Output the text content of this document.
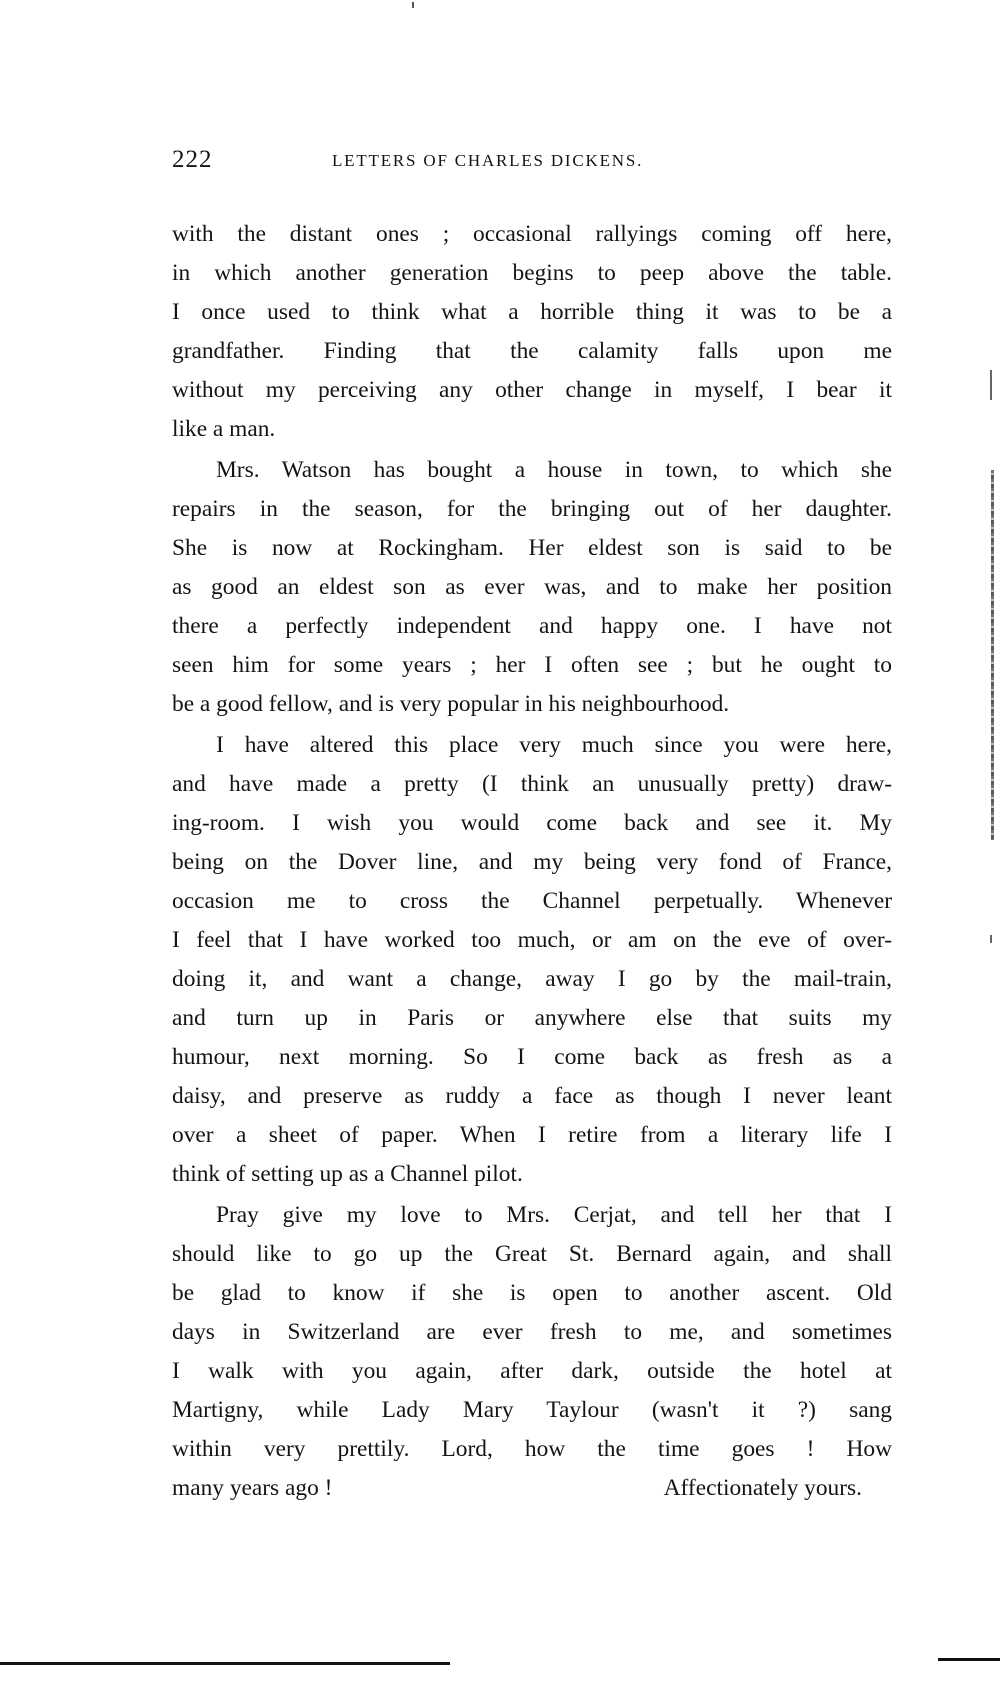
222	LETTERS OF CHARLES DICKENS.
with the distant ones ; occasional rallyings coming off here,
in which another generation begins to peep above the table.
I once used to think what a horrible thing it was to be a
grandfather. Finding that the calamity falls upon me
without my perceiving any other change in myself, I bear it
like a man.
Mrs. Watson has bought a house in town, to which she
repairs in the season, for the bringing out of her daughter.
She is now at Rockingham. Her eldest son is said to be
as good an eldest son as ever was, and to make her position
there a perfectly independent and happy one. I have not
seen him for some years ; her I often see ; but he ought to
be a good fellow, and is very popular in his neighbourhood.
I have altered this place very much since you were here,
and have made a pretty (I think an unusually pretty) draw-
ing-room. I wish you would come back and see it. My
being on the Dover line, and my being very fond of France,
occasion me to cross the Channel perpetually. Whenever
I feel that I have worked too much, or am on the eve of over-
doing it, and want a change, away I go by the mail-train,
and turn up in Paris or anywhere else that suits my
humour, next morning. So I come back as fresh as a
daisy, and preserve as ruddy a face as though I never leant
over a sheet of paper. When I retire from a literary life I
think of setting up as a Channel pilot.
Pray give my love to Mrs. Cerjat, and tell her that I
should like to go up the Great St. Bernard again, and shall
be glad to know if she is open to another ascent. Old
days in Switzerland are ever fresh to me, and sometimes
I walk with you again, after dark, outside the hotel at
Martigny, while Lady Mary Taylour (wasn't it ?) sang
within very prettily. Lord, how the time goes ! How
many years ago !	Affectionately yours.
